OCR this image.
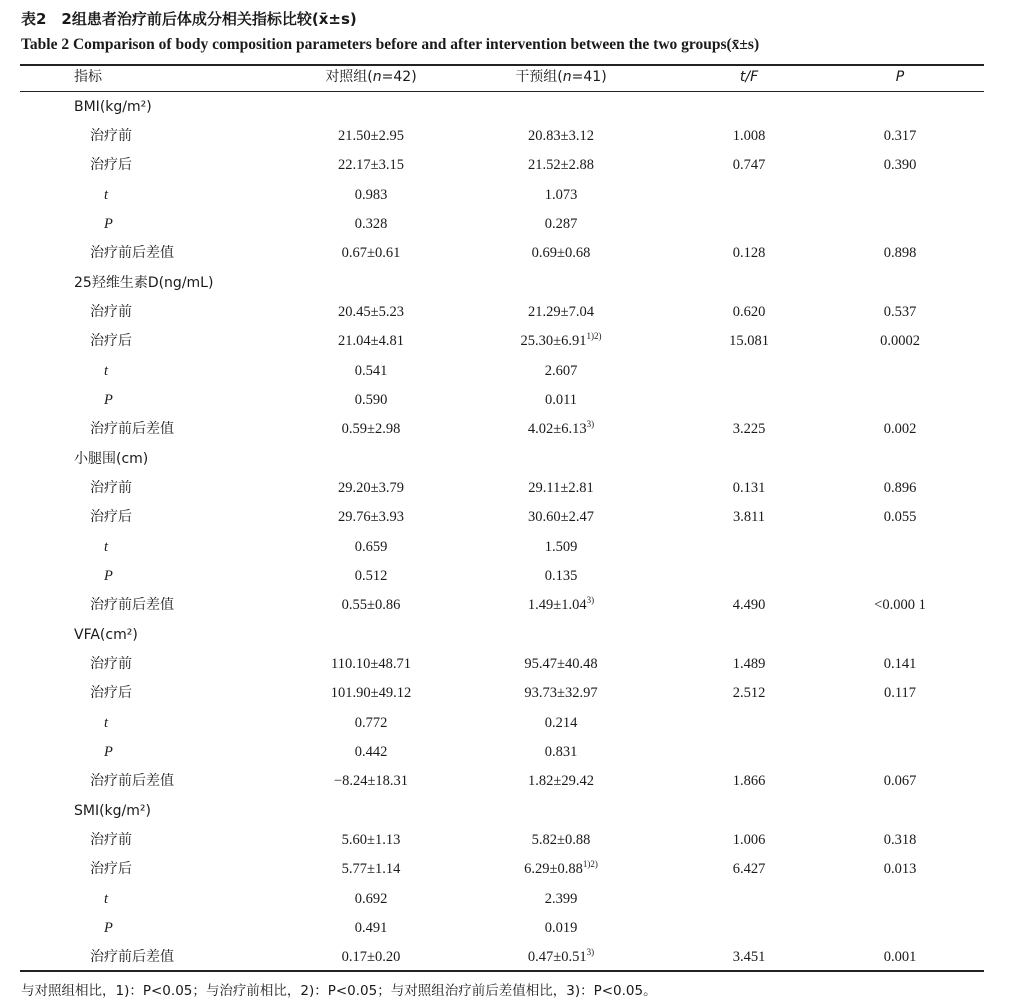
表2　2组患者治疗前后体成分相关指标比较(x̄±s)
Table 2 Comparison of body composition parameters before and after intervention between the two groups(x̄±s)
指标	对照组(n=42)	干预组(n=41)	t/F	P
BMI(kg/m²)
治疗前	21.50±2.95	20.83±3.12	1.008	0.317
治疗后	22.17±3.15	21.52±2.88	0.747	0.390
t	0.983	1.073
P	0.328	0.287
治疗前后差值	0.67±0.61	0.69±0.68	0.128	0.898
25羟维生素D(ng/mL)
治疗前	20.45±5.23	21.29±7.04	0.620	0.537
治疗后	21.04±4.81	$25.30\pm 6.91^{1)2)}$	15.081	0.0002
t	0.541	2.607
P	0.590	0.011
治疗前后差值	0.59±2.98	$4.02\pm 6.13^{3)}$	3.225	0.002
小腿围(cm)
治疗前	29.20±3.79	29.11±2.81	0.131	0.896
治疗后	29.76±3.93	30.60±2.47	3.811	0.055
t	0.659	1.509
P	0.512	0.135
治疗前后差值	0.55±0.86	$1.49\pm 1.04^{3)}$	4.490	<0.000 1
VFA(cm²)
治疗前	110.10±48.71	95.47±40.48	1.489	0.141
治疗后	101.90±49.12	93.73±32.97	2.512	0.117
t	0.772	0.214
P	0.442	0.831
治疗前后差值	−8.24±18.31	1.82±29.42	1.866	0.067
SMI(kg/m²)
治疗前	5.60±1.13	5.82±0.88	1.006	0.318
治疗后	5.77±1.14	$6.29\pm 0.88^{1)2)}$	6.427	0.013
t	0.692	2.399
P	0.491	0.019
治疗前后差值	0.17±0.20	$0.47\pm 0.51^{3)}$	3.451	0.001
与对照组相比，1)：P<0.05；与治疗前相比，2)：P<0.05；与对照组治疗前后差值相比，3)：P<0.05。
